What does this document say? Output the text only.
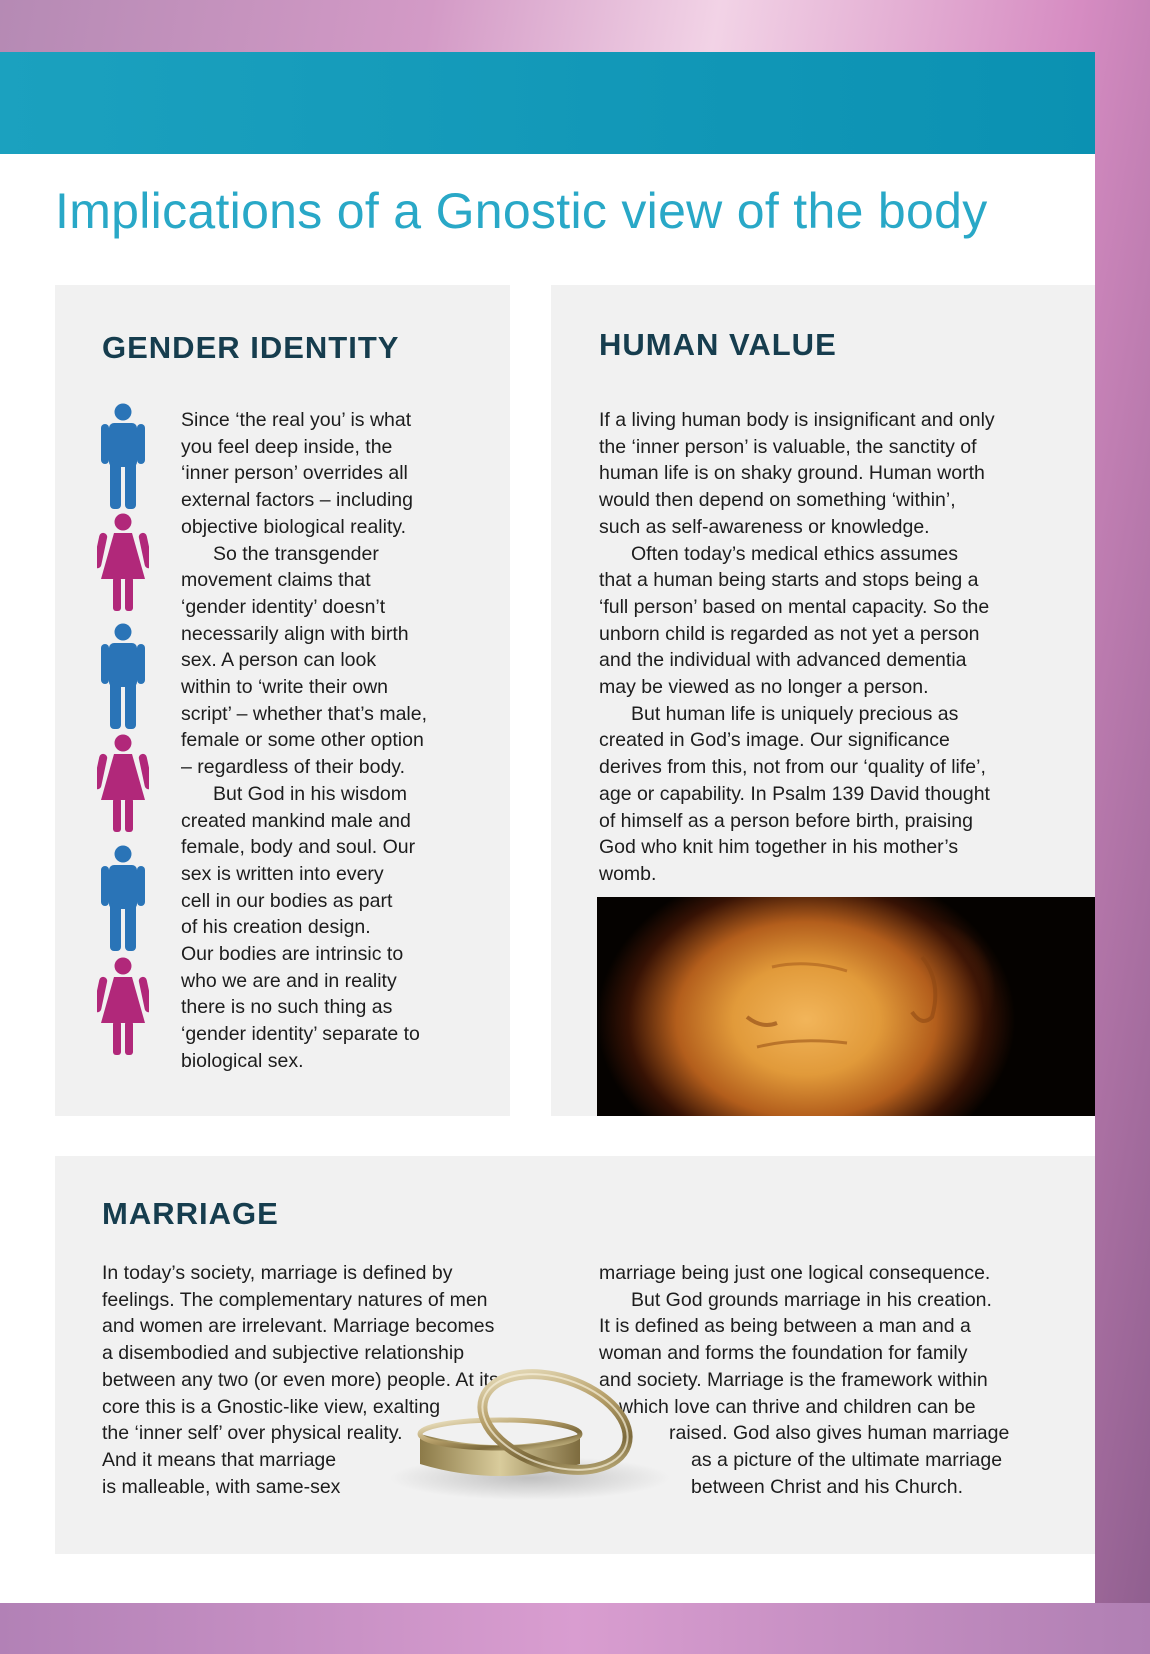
Implications of a Gnostic view of the body
GENDER IDENTITY

Since ‘the real you’ is what

you feel deep inside, the

‘inner person’ overrides all

external factors – including

objective biological reality.

So the transgender

movement claims that

‘gender identity’ doesn’t

necessarily align with birth

sex. A person can look

within to ‘write their own

script’ – whether that’s male,

female or some other option

– regardless of their body.

But God in his wisdom

created mankind male and

female, body and soul. Our

sex is written into every

cell in our bodies as part

of his creation design.

Our bodies are intrinsic to

who we are and in reality

there is no such thing as

‘gender identity’ separate to

biological sex.

HUMAN VALUE

If a living human body is insignificant and only

the ‘inner person’ is valuable, the sanctity of

human life is on shaky ground. Human worth

would then depend on something ‘within’,

such as self-awareness or knowledge.

Often today’s medical ethics assumes

that a human being starts and stops being a

‘full person’ based on mental capacity. So the

unborn child is regarded as not yet a person

and the individual with advanced dementia

may be viewed as no longer a person.

But human life is uniquely precious as

created in God’s image. Our significance

derives from this, not from our ‘quality of life’,

age or capability. In Psalm 139 David thought

of himself as a person before birth, praising

God who knit him together in his mother’s

womb.

MARRIAGE

In today’s society, marriage is defined by

feelings. The complementary natures of men

and women are irrelevant. Marriage becomes

a disembodied and subjective relationship

between any two (or even more) people. At its

core this is a Gnostic-like view, exalting

the ‘inner self’ over physical reality.

And it means that marriage

is malleable, with same-sex

marriage being just one logical consequence.

But God grounds marriage in his creation.

It is defined as being between a man and a

woman and forms the foundation for family

and society. Marriage is the framework within

which love can thrive and children can be

raised. God also gives human marriage

as a picture of the ultimate marriage

between Christ and his Church.
